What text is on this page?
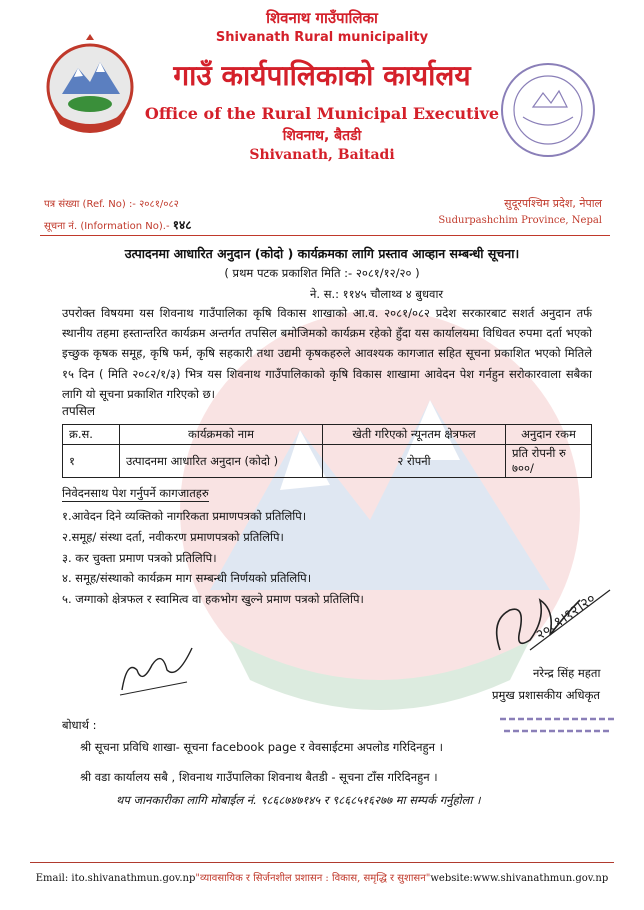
शिवनाथ गाउँपालिका
Shivanath Rural municipality
गाउँ कार्यपालिकाको कार्यालय
Office of the Rural Municipal Executive
शिवनाथ, बैतडी
Shivanath, Baitadi
पत्र संख्या (Ref. No) :- २०८१/०८२
सूचना नं. (Information No).- १४८
सुदूरपश्चिम प्रदेश, नेपाल
Sudurpashchim Province, Nepal
उत्पादनमा आधारित अनुदान (कोदो ) कार्यक्रमका लागि प्रस्ताव आव्हान सम्बन्धी सूचना।
( प्रथम पटक प्रकाशित मिति :- २०८१/१२/२० )
ने. स.: ११४५ चौलाथ्व ४ बुधवार
उपरोक्त विषयमा यस शिवनाथ गाउँपालिका कृषि विकास शाखाको आ.व. २०८१/०८२ प्रदेश सरकारबाट सशर्त अनुदान तर्फ स्थानीय तहमा हस्तान्तरित कार्यक्रम अन्तर्गत तपसिल बमोजिमको कार्यक्रम रहेको हुँदा यस कार्यालयमा विधिवत रुपमा दर्ता भएको इच्छुक कृषक समूह, कृषि फर्म, कृषि सहकारी तथा उद्यमी कृषकहरुले आवश्यक कागजात सहित सूचना प्रकाशित भएको मितिले १५ दिन ( मिति २०८२/१/३) भित्र यस शिवनाथ गाउँपालिकाको कृषि विकास शाखामा आवेदन पेश गर्नहुन सरोकारवाला सबैका लागि यो सूचना प्रकाशित गरिएको छ।
तपसिल
क्र.स.	कार्यक्रमको नाम	खेती गरिएको न्यूनतम क्षेत्रफल	अनुदान रकम
१	उत्पादनमा आधारित अनुदान (कोदो )	२ रोपनी	प्रति रोपनी रु ७००/
निवेदनसाथ पेश गर्नुपर्ने कागजातहरु
१.आवेदन दिने व्यक्तिको नागरिकता प्रमाणपत्रको प्रतिलिपि।
२.समूह/ संस्था दर्ता, नवीकरण प्रमाणपत्रको प्रतिलिपि।
३. कर चुक्ता प्रमाण पत्रको प्रतिलिपि।
४. समूह/संस्थाको कार्यक्रम माग सम्बन्धी निर्णयको प्रतिलिपि।
५. जग्गाको क्षेत्रफल र स्वामित्व वा हकभोग खुल्ने प्रमाण पत्रको प्रतिलिपि।	२०८१।१२।२०
नरेन्द्र सिंह महता
प्रमुख प्रशासकीय अधिकृत
बोधार्थ :
श्री सूचना प्रविधि शाखा- सूचना facebook page र वेवसाईटमा अपलोड गरिदिनहुन ।
श्री वडा कार्यालय सबै , शिवनाथ गाउँपालिका शिवनाथ बैतडी - सूचना टाँस गरिदिनहुन ।
थप जानकारीका लागि मोबाईल नं. ९८६८७४७१४५ र ९८६८५१६२७७ मा सम्पर्क गर्नुहोला ।
Email: ito.shivanathmun.gov.np"व्यावसायिक र सिर्जनशील प्रशासन : विकास, समृद्धि र सुशासन"website:www.shivanathmun.gov.np
